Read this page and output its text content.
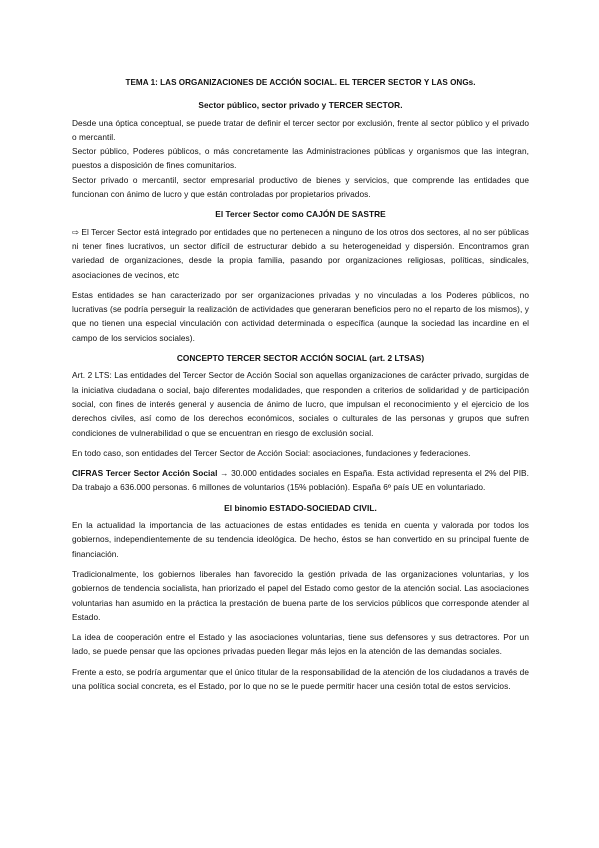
TEMA 1: LAS ORGANIZACIONES DE ACCIÓN SOCIAL. EL TERCER SECTOR Y LAS ONGs.
Sector público, sector privado y TERCER SECTOR.

Desde una óptica conceptual, se puede tratar de definir el tercer sector por exclusión, frente al sector público y el privado o mercantil.

Sector público, Poderes públicos, o más concretamente las Administraciones públicas y organismos que las integran, puestos a disposición de fines comunitarios.

Sector privado o mercantil, sector empresarial productivo de bienes y servicios, que comprende las entidades que funcionan con ánimo de lucro y que están controladas por propietarios privados.

El Tercer Sector como CAJÓN DE SASTRE

⇨ El Tercer Sector está integrado por entidades que no pertenecen a ninguno de los otros dos sectores, al no ser públicas ni tener fines lucrativos, un sector difícil de estructurar debido a su heterogeneidad y dispersión. Encontramos gran variedad de organizaciones, desde la propia familia, pasando por organizaciones religiosas, políticas, sindicales, asociaciones de vecinos, etc

Estas entidades se han caracterizado por ser organizaciones privadas y no vinculadas a los Poderes públicos, no lucrativas (se podría perseguir la realización de actividades que generaran beneficios pero no el reparto de los mismos), y que no tienen una especial vinculación con actividad determinada o específica (aunque la sociedad las incardine en el campo de los servicios sociales).

CONCEPTO TERCER SECTOR ACCIÓN SOCIAL (art. 2 LTSAS)

Art. 2 LTS: Las entidades del Tercer Sector de Acción Social son aquellas organizaciones de carácter privado, surgidas de la iniciativa ciudadana o social, bajo diferentes modalidades, que responden a criterios de solidaridad y de participación social, con fines de interés general y ausencia de ánimo de lucro, que impulsan el reconocimiento y el ejercicio de los derechos civiles, así como de los derechos económicos, sociales o culturales de las personas y grupos que sufren condiciones de vulnerabilidad o que se encuentran en riesgo de exclusión social.

En todo caso, son entidades del Tercer Sector de Acción Social: asociaciones, fundaciones y federaciones.

CIFRAS Tercer Sector Acción Social → 30.000 entidades sociales en España. Esta actividad representa el 2% del PIB. Da trabajo a 636.000 personas. 6 millones de voluntarios (15% población). España 6º país UE en voluntariado.

El binomio ESTADO-SOCIEDAD CIVIL.

En la actualidad la importancia de las actuaciones de estas entidades es tenida en cuenta y valorada por todos los gobiernos, independientemente de su tendencia ideológica. De hecho, éstos se han convertido en su principal fuente de financiación.

Tradicionalmente, los gobiernos liberales han favorecido la gestión privada de las organizaciones voluntarias, y los gobiernos de tendencia socialista, han priorizado el papel del Estado como gestor de la atención social. Las asociaciones voluntarias han asumido en la práctica la prestación de buena parte de los servicios públicos que corresponde atender al Estado.

La idea de cooperación entre el Estado y las asociaciones voluntarias, tiene sus defensores y sus detractores. Por un lado, se puede pensar que las opciones privadas pueden llegar más lejos en la atención de las demandas sociales.

Frente a esto, se podría argumentar que el único titular de la responsabilidad de la atención de los ciudadanos a través de una política social concreta, es el Estado, por lo que no se le puede permitir hacer una cesión total de estos servicios.
